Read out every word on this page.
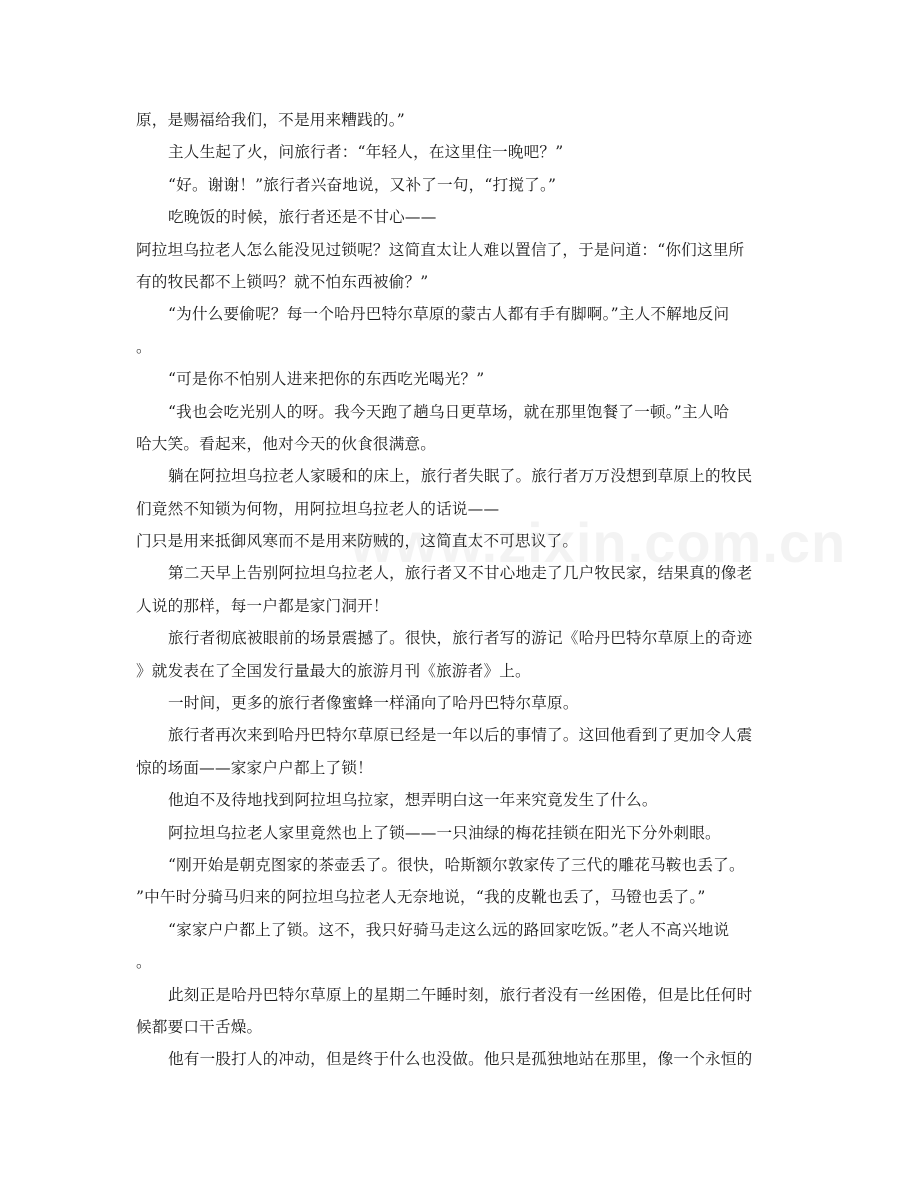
原，是赐福给我们，不是用来糟践的。”
主人生起了火，问旅行者：“年轻人，在这里住一晚吧？”
“好。谢谢！”旅行者兴奋地说，又补了一句，“打搅了。”
吃晚饭的时候，旅行者还是不甘心——
阿拉坦乌拉老人怎么能没见过锁呢？这简直太让人难以置信了，于是问道：“你们这里所
有的牧民都不上锁吗？就不怕东西被偷？”
“为什么要偷呢？每一个哈丹巴特尔草原的蒙古人都有手有脚啊。”主人不解地反问
。
“可是你不怕别人进来把你的东西吃光喝光？”
“我也会吃光别人的呀。我今天跑了趟乌日更草场，就在那里饱餐了一顿。”主人哈
哈大笑。看起来，他对今天的伙食很满意。
躺在阿拉坦乌拉老人家暖和的床上，旅行者失眠了。旅行者万万没想到草原上的牧民
们竟然不知锁为何物，用阿拉坦乌拉老人的话说——
门只是用来抵御风寒而不是用来防贼的，这简直太不可思议了。
第二天早上告别阿拉坦乌拉老人，旅行者又不甘心地走了几户牧民家，结果真的像老
人说的那样，每一户都是家门洞开！
旅行者彻底被眼前的场景震撼了。很快，旅行者写的游记《哈丹巴特尔草原上的奇迹
》就发表在了全国发行量最大的旅游月刊《旅游者》上。
一时间，更多的旅行者像蜜蜂一样涌向了哈丹巴特尔草原。
旅行者再次来到哈丹巴特尔草原已经是一年以后的事情了。这回他看到了更加令人震
惊的场面——家家户户都上了锁！
他迫不及待地找到阿拉坦乌拉家，想弄明白这一年来究竟发生了什么。
阿拉坦乌拉老人家里竟然也上了锁——一只油绿的梅花挂锁在阳光下分外刺眼。
“刚开始是朝克图家的茶壶丢了。很快，哈斯额尔敦家传了三代的雕花马鞍也丢了。
”中午时分骑马归来的阿拉坦乌拉老人无奈地说，“我的皮靴也丢了，马镫也丢了。”
“家家户户都上了锁。这不，我只好骑马走这么远的路回家吃饭。”老人不高兴地说
。
此刻正是哈丹巴特尔草原上的星期二午睡时刻，旅行者没有一丝困倦，但是比任何时
候都要口干舌燥。
他有一股打人的冲动，但是终于什么也没做。他只是孤独地站在那里，像一个永恒的
